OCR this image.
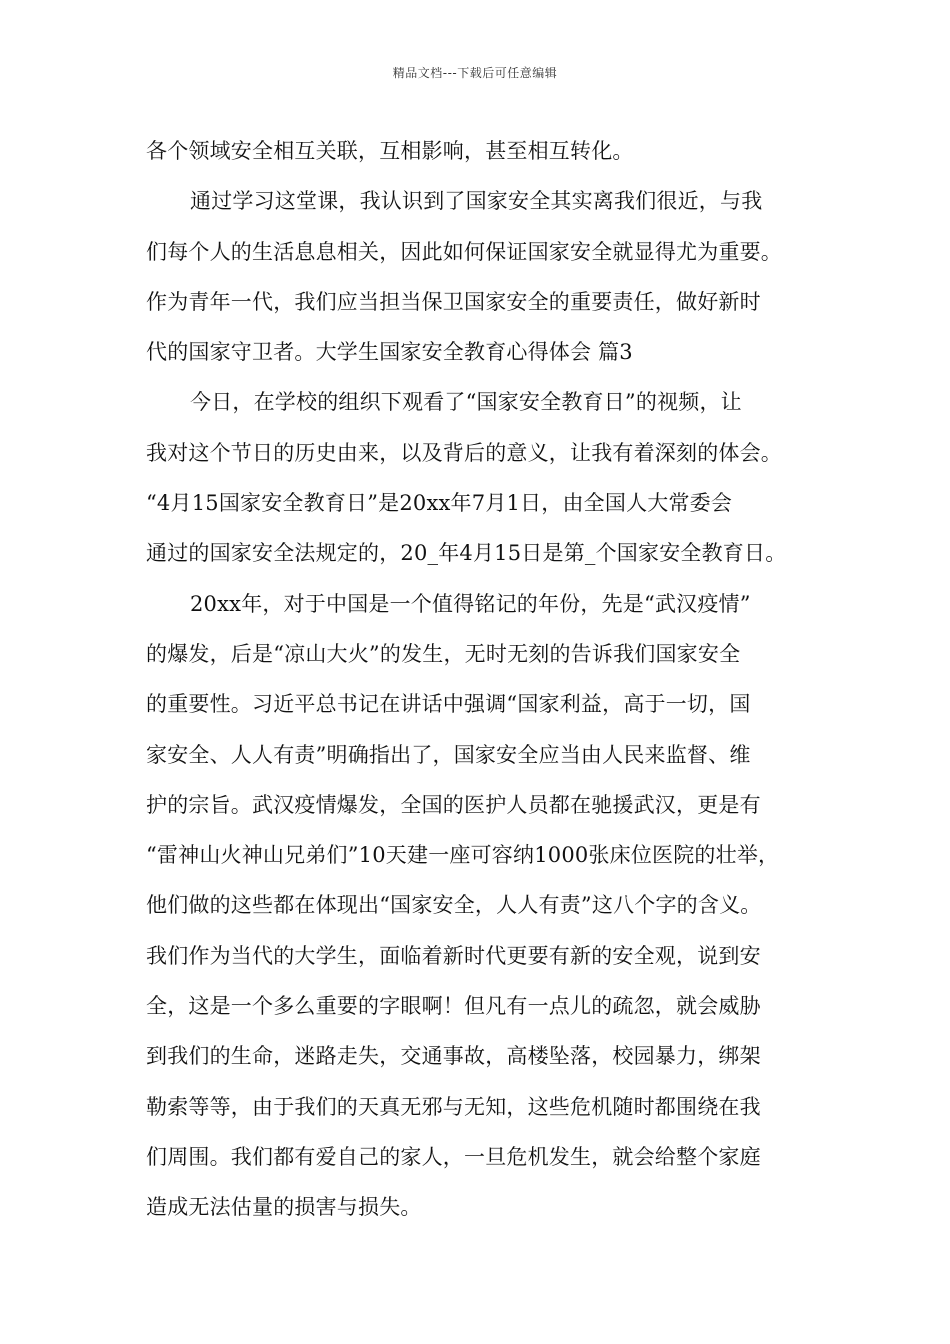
精品文档---下载后可任意编辑
各个领域安全相互关联，互相影响，甚至相互转化。
通过学习这堂课，我认识到了国家安全其实离我们很近，与我
们每个人的生活息息相关，因此如何保证国家安全就显得尤为重要。
作为青年一代，我们应当担当保卫国家安全的重要责任，做好新时
代的国家守卫者。大学生国家安全教育心得体会 篇3
今日，在学校的组织下观看了“国家安全教育日”的视频，让
我对这个节日的历史由来，以及背后的意义，让我有着深刻的体会。
“4月15国家安全教育日”是20xx年7月1日，由全国人大常委会
通过的国家安全法规定的，20_年4月15日是第_个国家安全教育日。
20xx年，对于中国是一个值得铭记的年份，先是“武汉疫情”
的爆发，后是“凉山大火”的发生，无时无刻的告诉我们国家安全
的重要性。习近平总书记在讲话中强调“国家利益，高于一切，国
家安全、人人有责”明确指出了，国家安全应当由人民来监督、维
护的宗旨。武汉疫情爆发，全国的医护人员都在驰援武汉，更是有
“雷神山火神山兄弟们”10天建一座可容纳1000张床位医院的壮举，
他们做的这些都在体现出“国家安全，人人有责”这八个字的含义。
我们作为当代的大学生，面临着新时代更要有新的安全观，说到安
全，这是一个多么重要的字眼啊！但凡有一点儿的疏忽，就会威胁
到我们的生命，迷路走失，交通事故，高楼坠落，校园暴力，绑架
勒索等等，由于我们的天真无邪与无知，这些危机随时都围绕在我
们周围。我们都有爱自己的家人，一旦危机发生，就会给整个家庭
造成无法估量的损害与损失。
